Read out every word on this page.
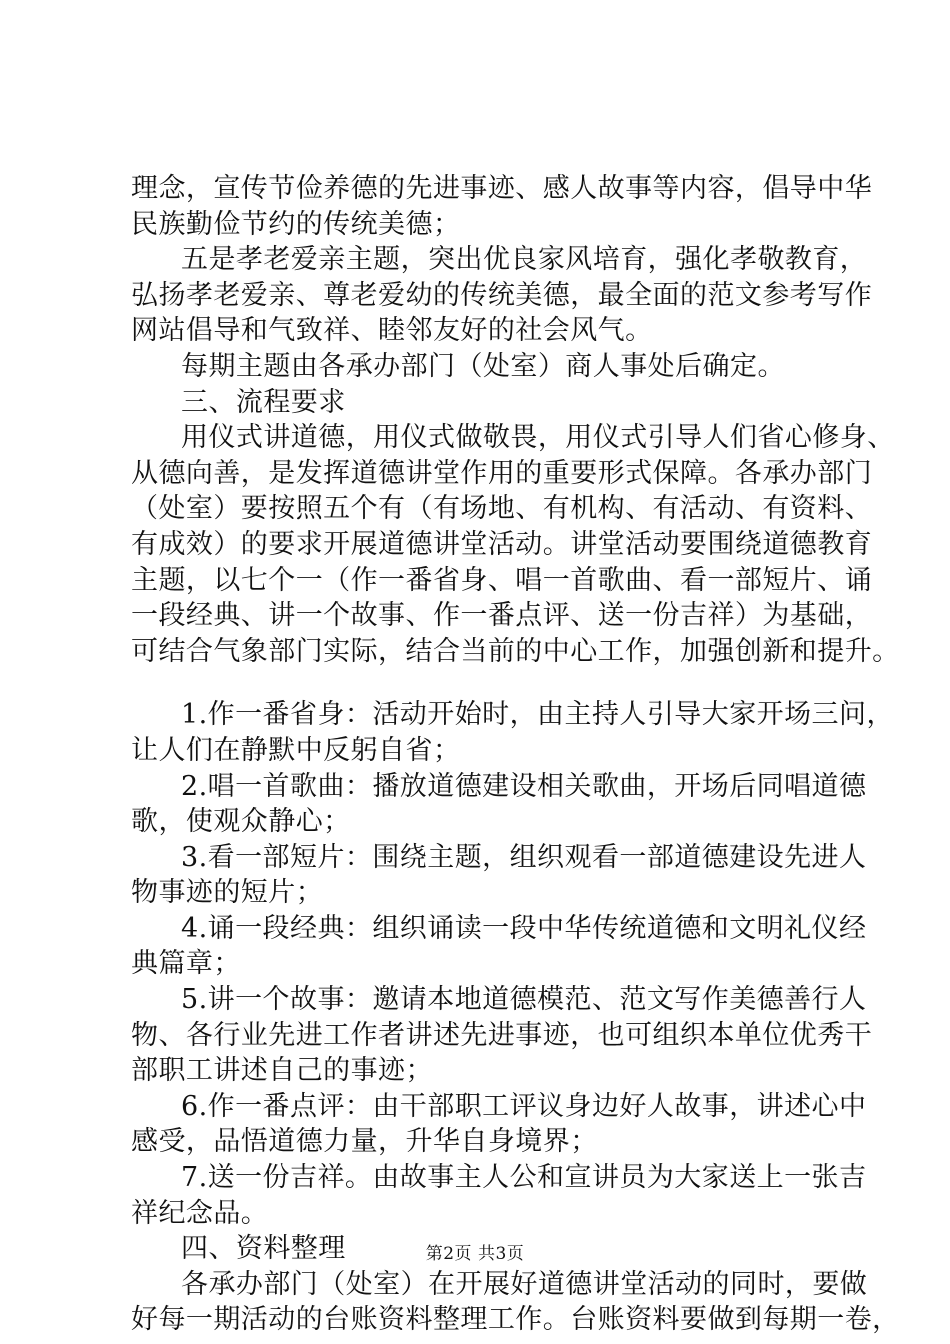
理念，宣传节俭养德的先进事迹、感人故事等内容，倡导中华

民族勤俭节约的传统美德；

五是孝老爱亲主题，突出优良家风培育，强化孝敬教育，

弘扬孝老爱亲、尊老爱幼的传统美德，最全面的范文参考写作

网站倡导和气致祥、睦邻友好的社会风气。

每期主题由各承办部门（处室）商人事处后确定。

三、流程要求

用仪式讲道德，用仪式做敬畏，用仪式引导人们省心修身、

从德向善，是发挥道德讲堂作用的重要形式保障。各承办部门

（处室）要按照五个有（有场地、有机构、有活动、有资料、

有成效）的要求开展道德讲堂活动。讲堂活动要围绕道德教育

主题，以七个一（作一番省身、唱一首歌曲、看一部短片、诵

一段经典、讲一个故事、作一番点评、送一份吉祥）为基础，

可结合气象部门实际，结合当前的中心工作，加强创新和提升。

1.作一番省身：活动开始时，由主持人引导大家开场三问，

让人们在静默中反躬自省；

2.唱一首歌曲：播放道德建设相关歌曲，开场后同唱道德

歌，使观众静心；

3.看一部短片：围绕主题，组织观看一部道德建设先进人

物事迹的短片；

4.诵一段经典：组织诵读一段中华传统道德和文明礼仪经

典篇章；

5.讲一个故事：邀请本地道德模范、范文写作美德善行人

物、各行业先进工作者讲述先进事迹，也可组织本单位优秀干

部职工讲述自己的事迹；

6.作一番点评：由干部职工评议身边好人故事，讲述心中

感受，品悟道德力量，升华自身境界；

7.送一份吉祥。由故事主人公和宣讲员为大家送上一张吉

祥纪念品。

四、资料整理

各承办部门（处室）在开展好道德讲堂活动的同时，要做

好每一期活动的台账资料整理工作。台账资料要做到每期一卷，

第2页 共3页
